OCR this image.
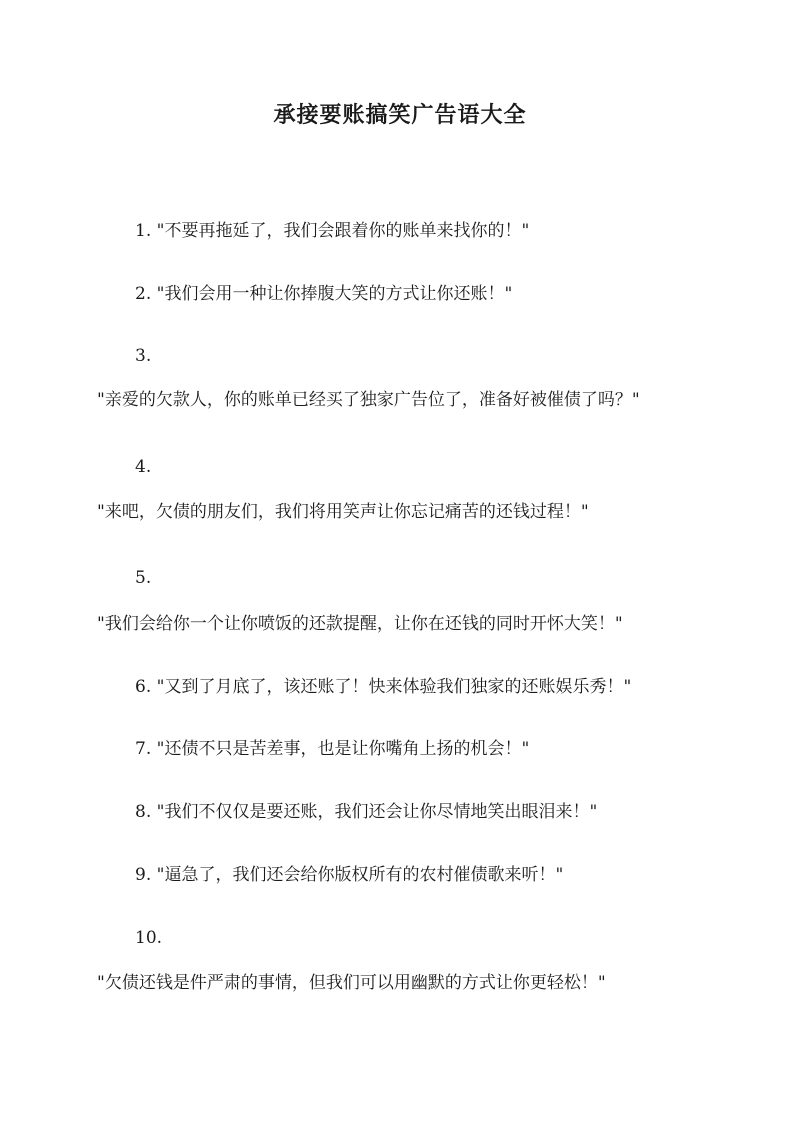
承接要账搞笑广告语大全
1. "不要再拖延了，我们会跟着你的账单来找你的！"
2. "我们会用一种让你捧腹大笑的方式让你还账！"
3.
"亲爱的欠款人，你的账单已经买了独家广告位了，准备好被催债了吗？"
4.
"来吧，欠债的朋友们，我们将用笑声让你忘记痛苦的还钱过程！"
5.
"我们会给你一个让你喷饭的还款提醒，让你在还钱的同时开怀大笑！"
6. "又到了月底了，该还账了！快来体验我们独家的还账娱乐秀！"
7. "还债不只是苦差事，也是让你嘴角上扬的机会！"
8. "我们不仅仅是要还账，我们还会让你尽情地笑出眼泪来！"
9. "逼急了，我们还会给你版权所有的农村催债歌来听！"
10.
"欠债还钱是件严肃的事情，但我们可以用幽默的方式让你更轻松！"
